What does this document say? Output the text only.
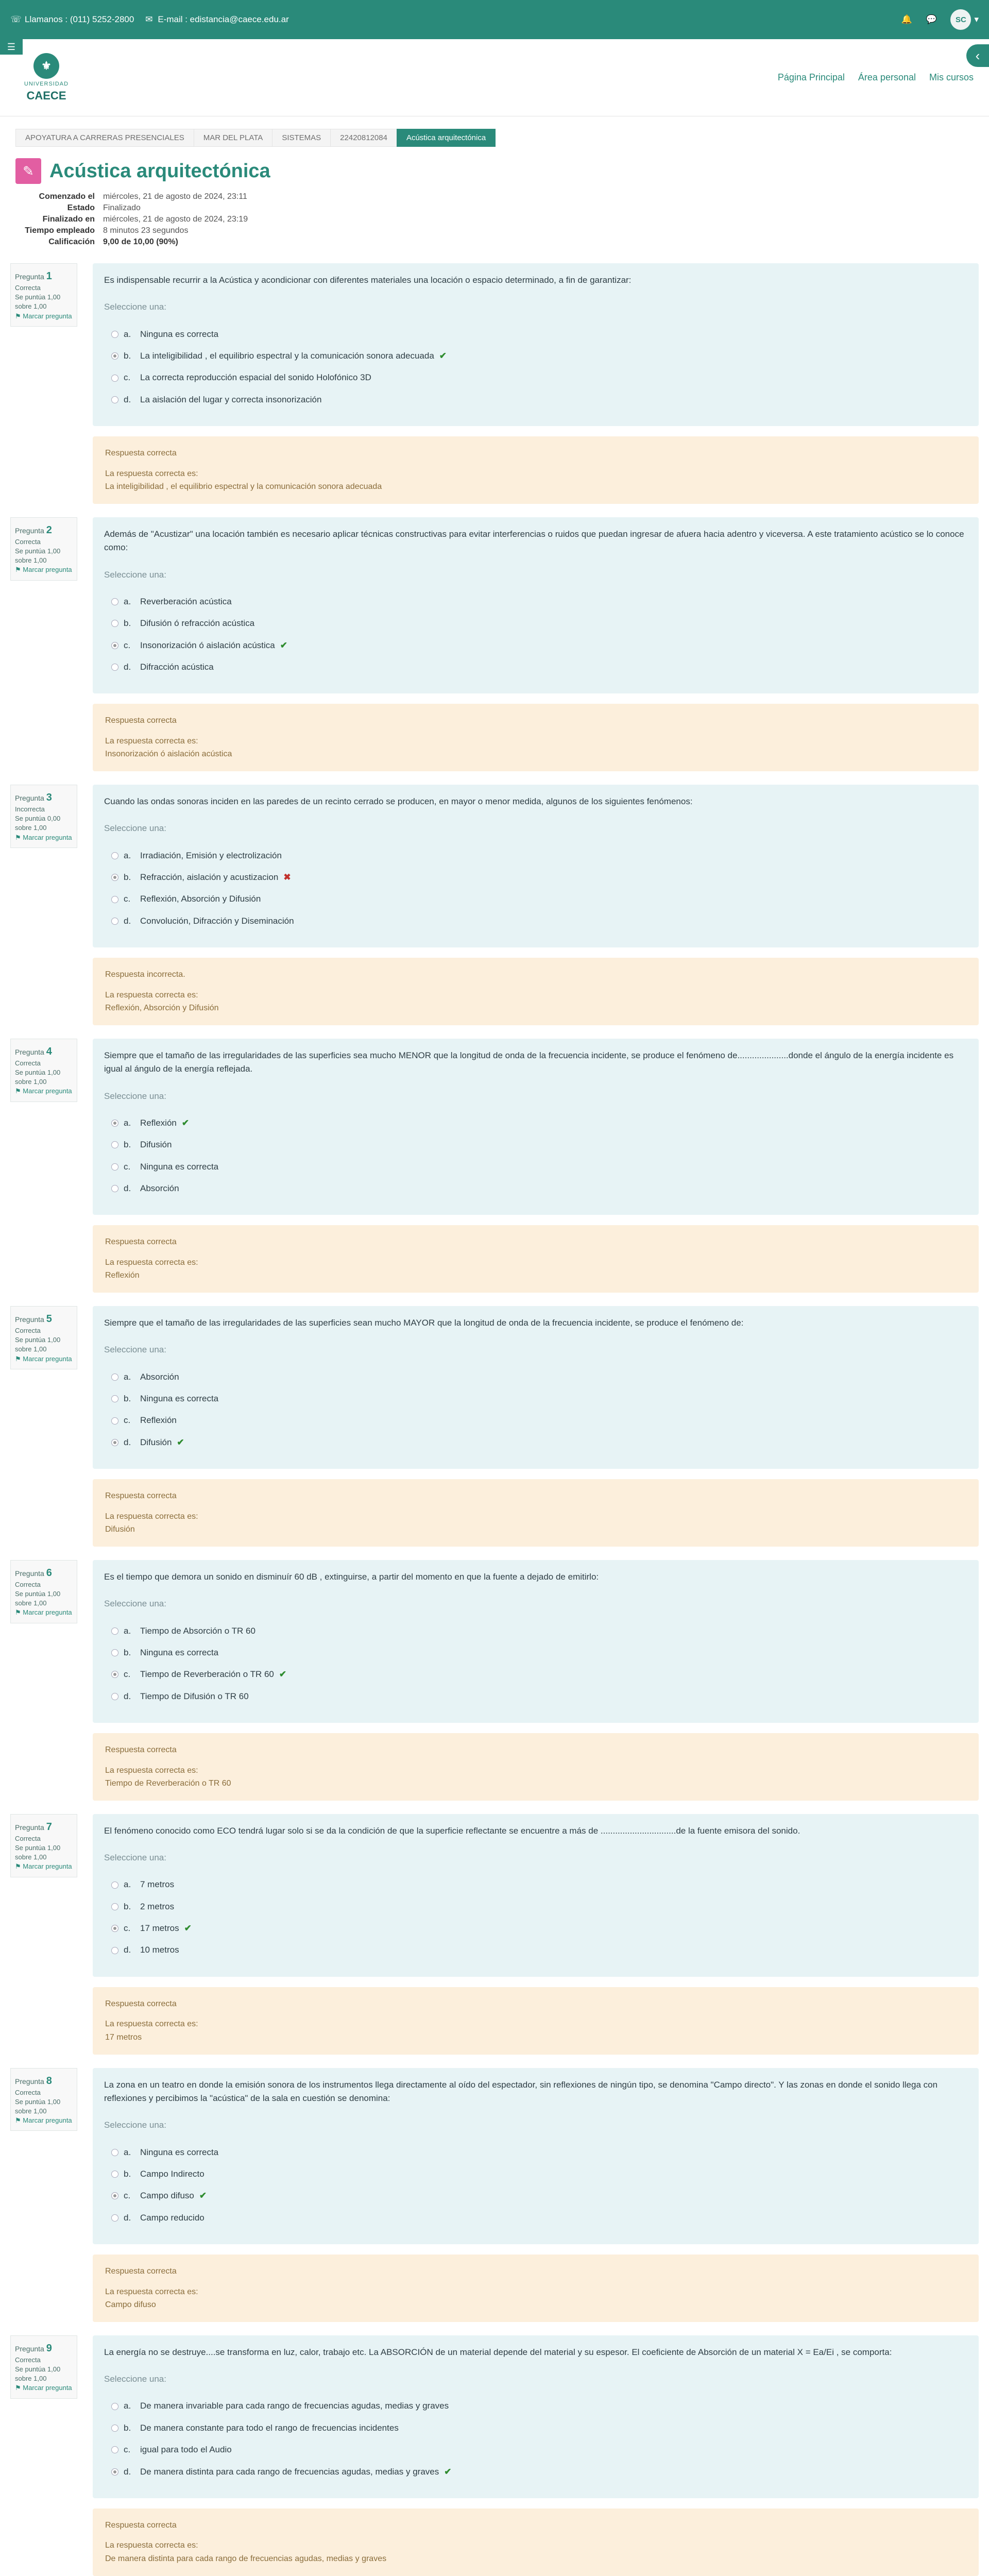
☏ Llamanos : (011) 5252-2800 ✉ E-mail : edistancia@caece.edu.ar	🔔 💬	SC ▾
☰
⚜
UNIVERSIDAD
CAECE
Página Principal Área personal Mis cursos
‹
APOYATURA A CARRERAS PRESENCIALES	MAR DEL PLATA	SISTEMAS	22420812084	Acústica arquitectónica
✎ Acústica arquitectónica
Comenzado el	miércoles, 21 de agosto de 2024, 23:11
Estado	Finalizado
Finalizado en	miércoles, 21 de agosto de 2024, 23:19
Tiempo empleado	8 minutos 23 segundos
Calificación	9,00 de 10,00 (90%)
Pregunta 1
Correcta
Se puntúa 1,00 sobre 1,00
⚑ Marcar pregunta
Es indispensable recurrir a la Acústica y acondicionar con diferentes materiales una locación o espacio determinado, a fin de garantizar:
Seleccione una:
a.	Ninguna es correcta
b.	La inteligibilidad , el equilibrio espectral y la comunicación sonora adecuada ✔
c.	La correcta reproducción espacial del sonido Holofónico 3D
d.	La aislación del lugar y correcta insonorización
Respuesta correcta
La respuesta correcta es:
La inteligibilidad , el equilibrio espectral y la comunicación sonora adecuada
Pregunta 2
Correcta
Se puntúa 1,00 sobre 1,00
⚑ Marcar pregunta
Además de "Acustizar" una locación también es necesario aplicar técnicas constructivas para evitar interferencias o ruidos que puedan ingresar de afuera hacia adentro y viceversa. A este tratamiento acústico se lo conoce como:
Seleccione una:
a.	Reverberación acústica
b.	Difusión ó refracción acústica
c.	Insonorización ó aislación acústica ✔
d.	Difracción acústica
Respuesta correcta
La respuesta correcta es:
Insonorización ó aislación acústica
Pregunta 3
Incorrecta
Se puntúa 0,00 sobre 1,00
⚑ Marcar pregunta
Cuando las ondas sonoras inciden en las paredes de un recinto cerrado se producen, en mayor o menor medida, algunos de los siguientes fenómenos:
Seleccione una:
a.	Irradiación, Emisión y electrolización
b.	Refracción, aislación y acustizacion ✖
c.	Reflexión, Absorción y Difusión
d.	Convolución, Difracción y Diseminación
Respuesta incorrecta.
La respuesta correcta es:
Reflexión, Absorción y Difusión
Pregunta 4
Correcta
Se puntúa 1,00 sobre 1,00
⚑ Marcar pregunta
Siempre que el tamaño de las irregularidades de las superficies sea mucho MENOR que la longitud de onda de la frecuencia incidente, se produce el fenómeno de.....................donde el ángulo de la energía incidente es igual al ángulo de la energía reflejada.
Seleccione una:
a.	Reflexión ✔
b.	Difusión
c.	Ninguna es correcta
d.	Absorción
Respuesta correcta
La respuesta correcta es:
Reflexión
Pregunta 5
Correcta
Se puntúa 1,00 sobre 1,00
⚑ Marcar pregunta
Siempre que el tamaño de las irregularidades de las superficies sean mucho MAYOR que la longitud de onda de la frecuencia incidente, se produce el fenómeno de:
Seleccione una:
a.	Absorción
b.	Ninguna es correcta
c.	Reflexión
d.	Difusión ✔
Respuesta correcta
La respuesta correcta es:
Difusión
Pregunta 6
Correcta
Se puntúa 1,00 sobre 1,00
⚑ Marcar pregunta
Es el tiempo que demora un sonido en disminuír 60 dB , extinguirse, a partir del momento en que la fuente a dejado de emitirlo:
Seleccione una:
a.	Tiempo de Absorción o TR 60
b.	Ninguna es correcta
c.	Tiempo de Reverberación o TR 60 ✔
d.	Tiempo de Difusión o TR 60
Respuesta correcta
La respuesta correcta es:
Tiempo de Reverberación o TR 60
Pregunta 7
Correcta
Se puntúa 1,00 sobre 1,00
⚑ Marcar pregunta
El fenómeno conocido como ECO tendrá lugar solo si se da la condición de que la superficie reflectante se encuentre a más de ...............................de la fuente emisora del sonido.
Seleccione una:
a.	7 metros
b.	2 metros
c.	17 metros ✔
d.	10 metros
Respuesta correcta
La respuesta correcta es:
17 metros
Pregunta 8
Correcta
Se puntúa 1,00 sobre 1,00
⚑ Marcar pregunta
La zona en un teatro en donde la emisión sonora de los instrumentos llega directamente al oído del espectador, sin reflexiones de ningún tipo, se denomina "Campo directo". Y las zonas en donde el sonido llega con reflexiones y percibimos la "acústica" de la sala en cuestión se denomina:
Seleccione una:
a.	Ninguna es correcta
b.	Campo Indirecto
c.	Campo difuso ✔
d.	Campo reducido
Respuesta correcta
La respuesta correcta es:
Campo difuso
Pregunta 9
Correcta
Se puntúa 1,00 sobre 1,00
⚑ Marcar pregunta
La energía no se destruye....se transforma en luz, calor, trabajo etc. La ABSORCIÓN de un material depende del material y su espesor. El coeficiente de Absorción de un material X = Ea/Ei , se comporta:
Seleccione una:
a.	De manera invariable para cada rango de frecuencias agudas, medias y graves
b.	De manera constante para todo el rango de frecuencias incidentes
c.	igual para todo el Audio
d.	De manera distinta para cada rango de frecuencias agudas, medias y graves ✔
Respuesta correcta
La respuesta correcta es:
De manera distinta para cada rango de frecuencias agudas, medias y graves
